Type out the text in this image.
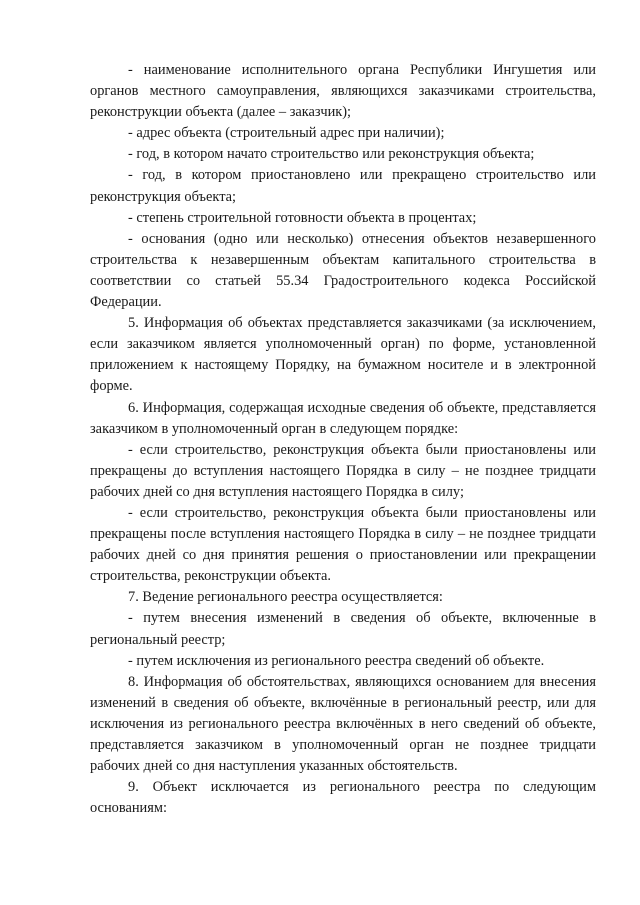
- наименование исполнительного органа Республики Ингушетия или органов местного самоуправления, являющихся заказчиками строительства, реконструкции объекта (далее – заказчик);

- адрес объекта (строительный адрес при наличии);

- год, в котором начато строительство или реконструкция объекта;

- год, в котором приостановлено или прекращено строительство или реконструкция объекта;

- степень строительной готовности объекта в процентах;

- основания (одно или несколько) отнесения объектов незавершенного строительства к незавершенным объектам капитального строительства в соответствии со статьей 55.34 Градостроительного кодекса Российской Федерации.

5. Информация об объектах представляется заказчиками (за исключением, если заказчиком является уполномоченный орган) по форме, установленной приложением к настоящему Порядку, на бумажном носителе и в электронной форме.

6. Информация, содержащая исходные сведения об объекте, представляется заказчиком в уполномоченный орган в следующем порядке:

- если строительство, реконструкция объекта были приостановлены или прекращены до вступления настоящего Порядка в силу – не позднее тридцати рабочих дней со дня вступления настоящего Порядка в силу;

- если строительство, реконструкция объекта были приостановлены или прекращены после вступления настоящего Порядка в силу – не позднее тридцати рабочих дней со дня принятия решения о приостановлении или прекращении строительства, реконструкции объекта.

7. Ведение регионального реестра осуществляется:

- путем внесения изменений в сведения об объекте, включенные в региональный реестр;

- путем исключения из регионального реестра сведений об объекте.

8. Информация об обстоятельствах, являющихся основанием для внесения изменений в сведения об объекте, включённые в региональный реестр, или для исключения из регионального реестра включённых в него сведений об объекте, представляется заказчиком в уполномоченный орган не позднее тридцати рабочих дней со дня наступления указанных обстоятельств.

9. Объект исключается из регионального реестра по следующим основаниям:
